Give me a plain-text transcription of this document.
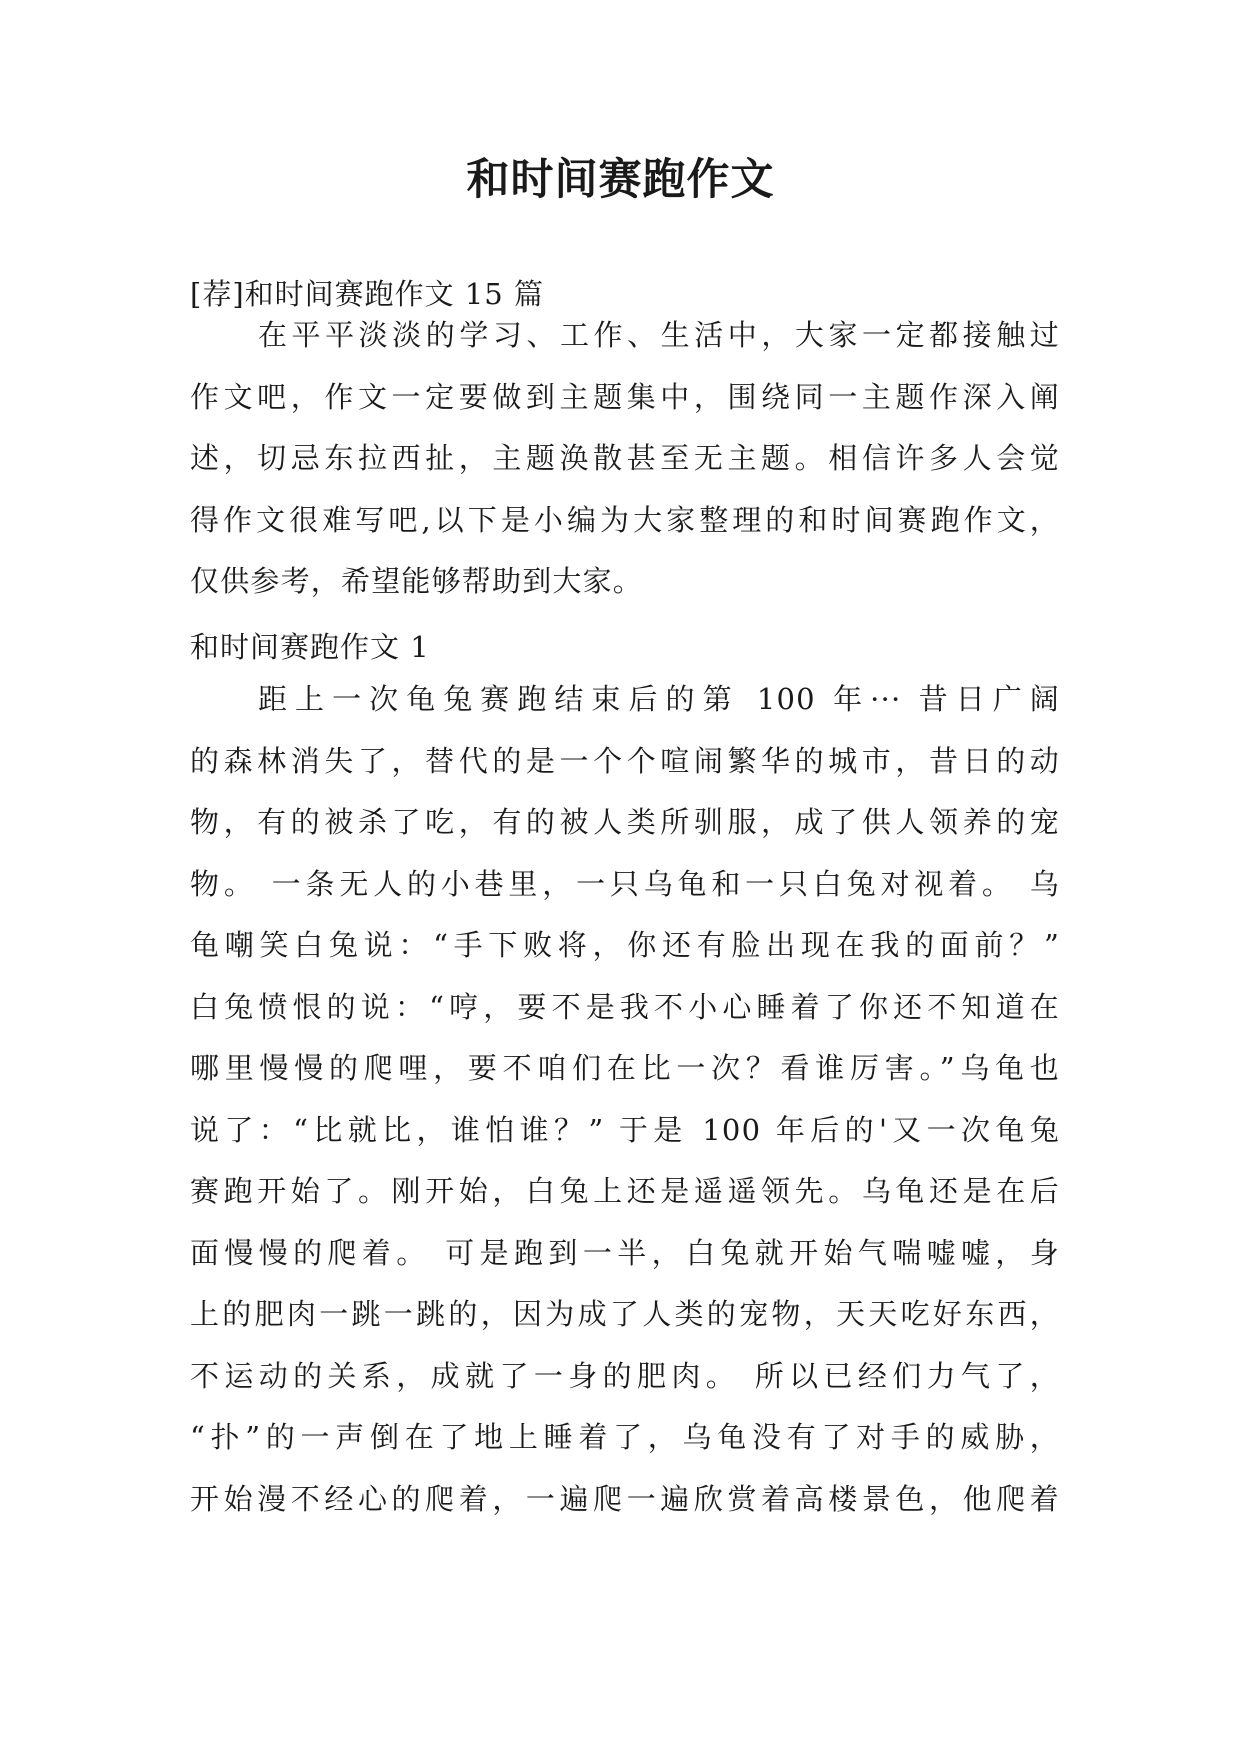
和时间赛跑作文

[荐]和时间赛跑作文 15 篇

在平平淡淡的学习、工作、生活中，大家一定都接触过
作文吧，作文一定要做到主题集中，围绕同一主题作深入阐
述，切忌东拉西扯，主题涣散甚至无主题。相信许多人会觉
得作文很难写吧,以下是小编为大家整理的和时间赛跑作文，
仅供参考，希望能够帮助到大家。

和时间赛跑作文 1

距上一次龟兔赛跑结束后的第 100 年··· 昔日广阔
的森林消失了，替代的是一个个喧闹繁华的城市，昔日的动
物，有的被杀了吃，有的被人类所驯服，成了供人领养的宠
物。 一条无人的小巷里，一只乌龟和一只白兔对视着。 乌
龟嘲笑白兔说：“手下败将，你还有脸出现在我的面前？”
白兔愤恨的说：“哼，要不是我不小心睡着了你还不知道在
哪里慢慢的爬哩，要不咱们在比一次？看谁厉害。”乌龟也
说了：“比就比，谁怕谁？” 于是 100 年后的'又一次龟兔
赛跑开始了。刚开始，白兔上还是遥遥领先。乌龟还是在后
面慢慢的爬着。 可是跑到一半，白兔就开始气喘嘘嘘，身
上的肥肉一跳一跳的，因为成了人类的宠物，天天吃好东西，
不运动的关系，成就了一身的肥肉。 所以已经们力气了，
“扑”的一声倒在了地上睡着了，乌龟没有了对手的威胁，
开始漫不经心的爬着，一遍爬一遍欣赏着高楼景色，他爬着
